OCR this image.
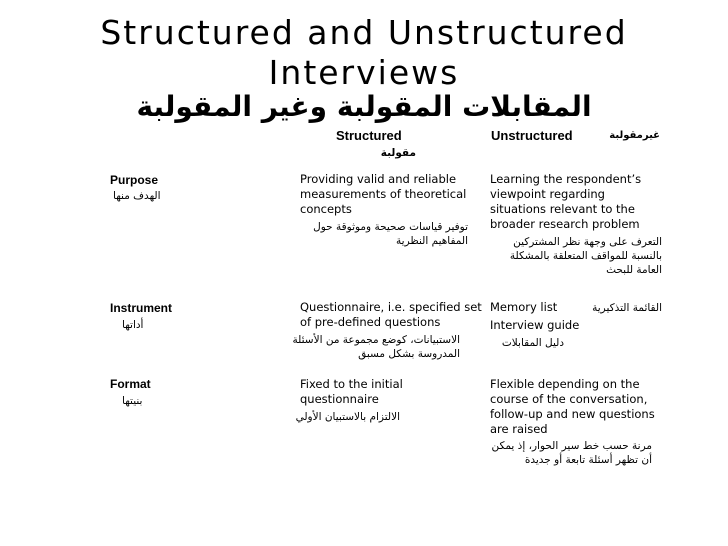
Structured and Unstructured
Interviews
المقابلات المقولبة وغير المقولبة
Structured
مقولبة
Unstructured	غيرمقولبة
Purpose
الهدف منها
Providing valid and reliable measurements of theoretical concepts
توفير قياسات صحيحة وموثوقة حول المفاهيم النظرية
Learning the respondent’s viewpoint regarding situations relevant to the broader research problem
التعرف على وجهة نظر المشتركين بالنسبة للمواقف المتعلقة بالمشكلة العامة للبحث
Instrument
أداتها
Questionnaire, i.e. specified set of pre-defined questions
الاستبيانات، كوضع مجموعة من الأسئلة المدروسة بشكل مسبق
Memory list	القائمة التذكيرية
Interview guide
دليل المقابلات
Format
بنيتها
Fixed to the initial questionnaire
الالتزام بالاستبيان الأولي
Flexible depending on the course of the conversation, follow-up and new questions are raised
مرنة حسب خط سير الحوار، إذ يمكن أن تظهر أسئلة تابعة أو جديدة
